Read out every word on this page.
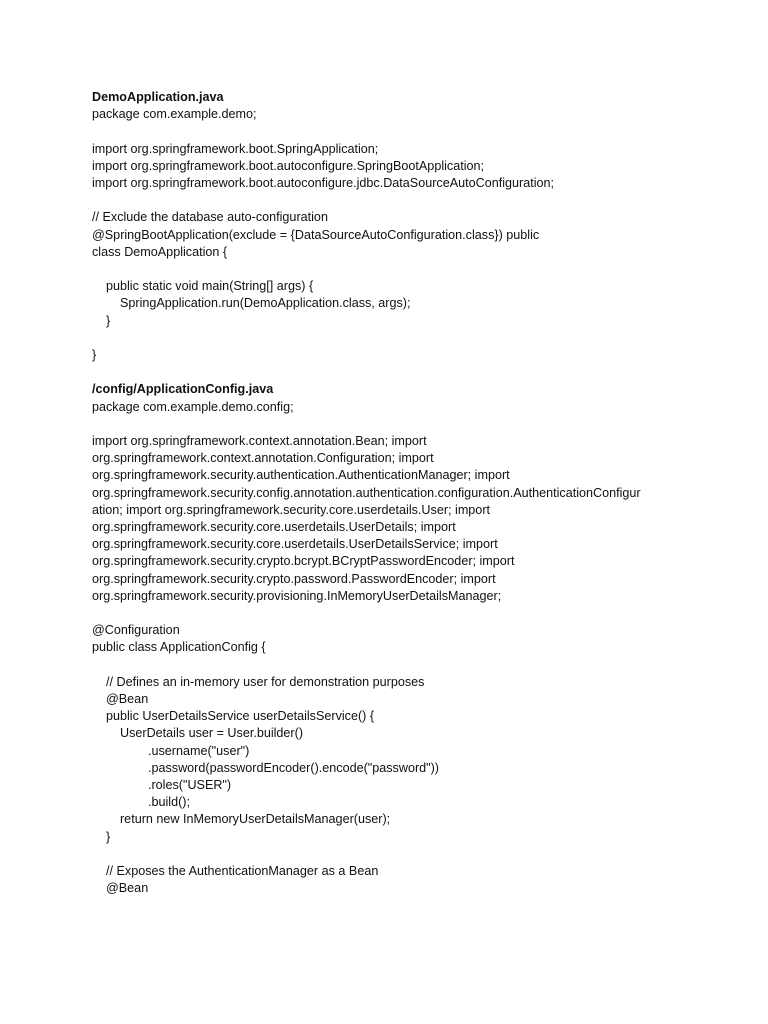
DemoApplication.java
package com.example.demo;
import org.springframework.boot.SpringApplication;
import org.springframework.boot.autoconfigure.SpringBootApplication;
import org.springframework.boot.autoconfigure.jdbc.DataSourceAutoConfiguration;
// Exclude the database auto-configuration
@SpringBootApplication(exclude = {DataSourceAutoConfiguration.class}) public
class DemoApplication {
public static void main(String[] args) {
SpringApplication.run(DemoApplication.class, args);
}
}
/config/ApplicationConfig.java
package com.example.demo.config;
import org.springframework.context.annotation.Bean; import
org.springframework.context.annotation.Configuration; import
org.springframework.security.authentication.AuthenticationManager; import
org.springframework.security.config.annotation.authentication.configuration.AuthenticationConfigur
ation; import org.springframework.security.core.userdetails.User; import
org.springframework.security.core.userdetails.UserDetails; import
org.springframework.security.core.userdetails.UserDetailsService; import
org.springframework.security.crypto.bcrypt.BCryptPasswordEncoder; import
org.springframework.security.crypto.password.PasswordEncoder; import
org.springframework.security.provisioning.InMemoryUserDetailsManager;
@Configuration
public class ApplicationConfig {
// Defines an in-memory user for demonstration purposes
@Bean
public UserDetailsService userDetailsService() {
UserDetails user = User.builder()
.username("user")
.password(passwordEncoder().encode("password"))
.roles("USER")
.build();
return new InMemoryUserDetailsManager(user);
}
// Exposes the AuthenticationManager as a Bean
@Bean
